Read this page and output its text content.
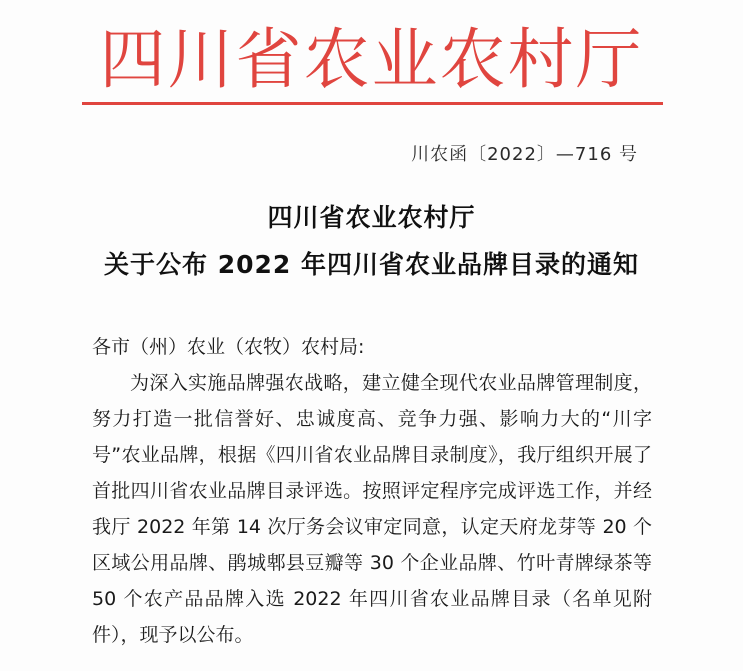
四川省农业农村厅
川农函〔2022〕—716 号
四川省农业农村厅
关于公布 2022 年四川省农业品牌目录的通知
各市（州）农业（农牧）农村局:
为深入实施品牌强农战略，建立健全现代农业品牌管理制度，努力打造一批信誉好、忠诚度高、竞争力强、影响力大的“川字号”农业品牌，根据《四川省农业品牌目录制度》，我厅组织开展了首批四川省农业品牌目录评选。按照评定程序完成评选工作，并经我厅 2022 年第 14 次厅务会议审定同意，认定天府龙芽等 20 个区域公用品牌、鹃城郫县豆瓣等 30 个企业品牌、竹叶青牌绿茶等 50 个农产品品牌入选 2022 年四川省农业品牌目录（名单见附件），现予以公布。
